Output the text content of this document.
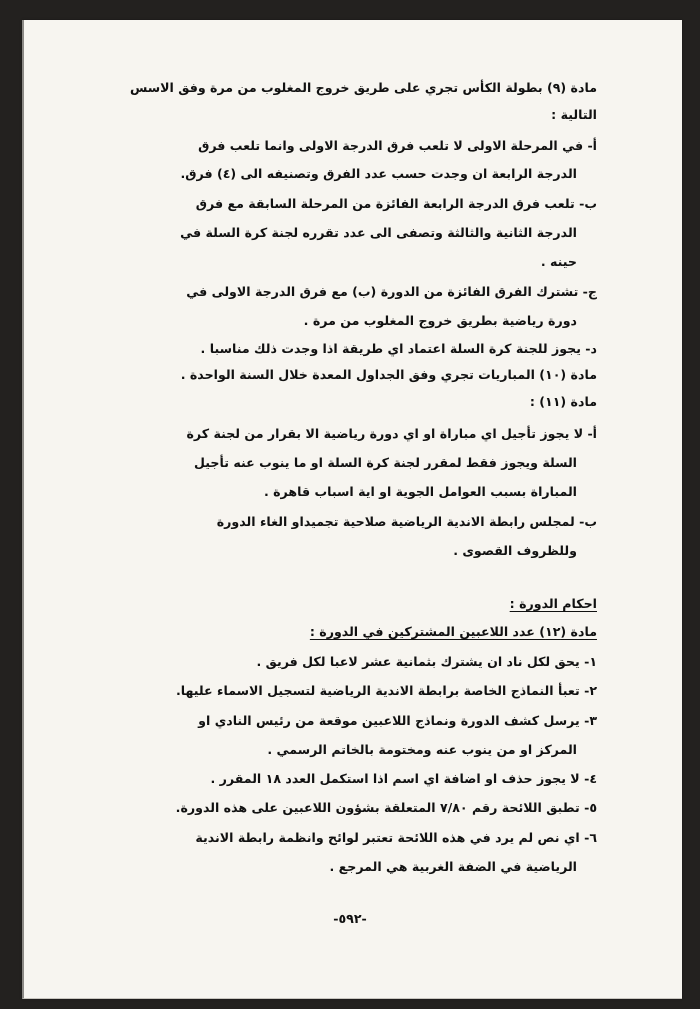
مادة (٩) بطولة الكأس تجري على طريق خروج المغلوب من مرة وفق الاسس
التالية :
أ- في المرحلة الاولى لا تلعب فرق الدرجة الاولى وانما تلعب فرق
الدرجة الرابعة ان وجدت حسب عدد الفرق وتصنيفه الى (٤) فرق.
ب- تلعب فرق الدرجة الرابعة الفائزة من المرحلة السابقة مع فرق
الدرجة الثانية والثالثة وتصفى الى عدد تقرره لجنة كرة السلة في
حينه .
ج- تشترك الفرق الفائزة من الدورة (ب) مع فرق الدرجة الاولى في
دورة رياضية بطريق خروج المغلوب من مرة .
د- يجوز للجنة كرة السلة اعتماد اي طريقة اذا وجدت ذلك مناسبا .
مادة (١٠) المباريات تجري وفق الجداول المعدة خلال السنة الواحدة .
مادة (١١) :
أ- لا يجوز تأجيل اي مباراة او اي دورة رياضية الا بقرار من لجنة كرة
السلة ويجوز فقط لمقرر لجنة كرة السلة او ما ينوب عنه تأجيل
المباراة بسبب العوامل الجوية او اية اسباب قاهرة .
ب- لمجلس رابطة الاندية الرياضية صلاحية تجميداو الغاء الدورة
وللظروف القصوى .
احكام الدورة :
مادة (١٢) عدد اللاعبين المشتركين في الدورة :
١- يحق لكل ناد ان يشترك بثمانية عشر لاعبا لكل فريق .
٢- تعبأ النماذج الخاصة برابطة الاندية الرياضية لتسجيل الاسماء عليها.
٣- يرسل كشف الدورة ونماذج اللاعبين موقعة من رئيس النادي او
المركز او من ينوب عنه ومختومة بالخاتم الرسمي .
٤- لا يجوز حذف او اضافة اي اسم اذا استكمل العدد ١٨ المقرر .
٥- تطبق اللائحة رقم ٧/٨٠ المتعلقة بشؤون اللاعبين على هذه الدورة.
٦- اي نص لم يرد في هذه اللائحة تعتبر لوائح وانظمة رابطة الاندية
الرياضية في الضفة الغربية هي المرجع .
-٥٩٢-
